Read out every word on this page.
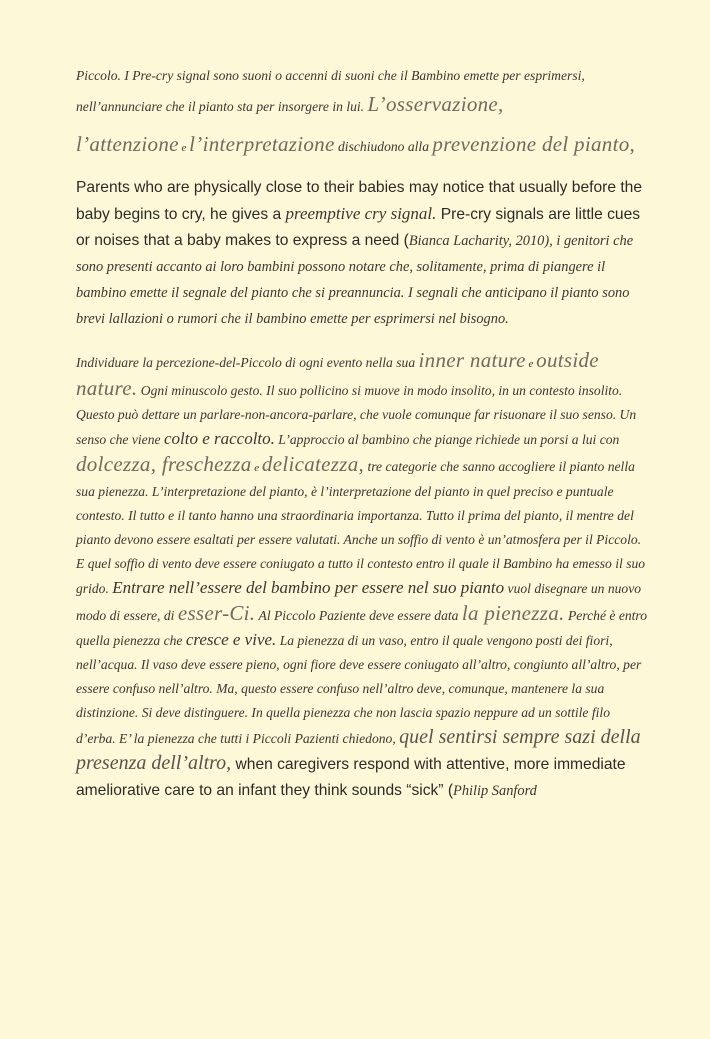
Piccolo. I Pre-cry signal sono suoni o accenni di suoni che il Bambino emette per esprimersi, nell’annunciare che il pianto sta per insorgere in lui. L’osservazione,
l’attenzione e l’interpretazione dischiudono alla prevenzione del pianto,

Parents who are physically close to their babies may notice that usually before the baby begins to cry, he gives a preemptive cry signal. Pre-cry signals are little cues or noises that a baby makes to express a need (Bianca Lacharity, 2010), i genitori che sono presenti accanto ai loro bambini possono notare che, solitamente, prima di piangere il bambino emette il segnale del pianto che si preannuncia. I segnali che anticipano il pianto sono brevi lallazioni o rumori che il bambino emette per esprimersi nel bisogno.

Individuare la percezione-del-Piccolo di ogni evento nella sua inner nature e outside nature. Ogni minuscolo gesto. Il suo pollicino si muove in modo insolito, in un contesto insolito. Questo può dettare un parlare-non-ancora-parlare, che vuole comunque far risuonare il suo senso. Un senso che viene colto e raccolto. L’approccio al bambino che piange richiede un porsi a lui con dolcezza, freschezza e delicatezza, tre categorie che sanno accogliere il pianto nella sua pienezza. L’interpretazione del pianto, è l’interpretazione del pianto in quel preciso e puntuale contesto. Il tutto e il tanto hanno una straordinaria importanza. Tutto il prima del pianto, il mentre del pianto devono essere esaltati per essere valutati. Anche un soffio di vento è un’atmosfera per il Piccolo. E quel soffio di vento deve essere coniugato a tutto il contesto entro il quale il Bambino ha emesso il suo grido. Entrare nell’essere del bambino per essere nel suo pianto vuol disegnare un nuovo modo di essere, di esser-Ci. Al Piccolo Paziente deve essere data la pienezza. Perché è entro quella pienezza che cresce e vive. La pienezza di un vaso, entro il quale vengono posti dei fiori, nell’acqua. Il vaso deve essere pieno, ogni fiore deve essere coniugato all’altro, congiunto all’altro, per essere confuso nell’altro. Ma, questo essere confuso nell’altro deve, comunque, mantenere la sua distinzione. Si deve distinguere. In quella pienezza che non lascia spazio neppure ad un sottile filo d’erba. E’ la pienezza che tutti i Piccoli Pazienti chiedono, quel sentirsi sempre sazi della presenza dell’altro, when caregivers respond with attentive, more immediate ameliorative care to an infant they think sounds “sick” (Philip Sanford
